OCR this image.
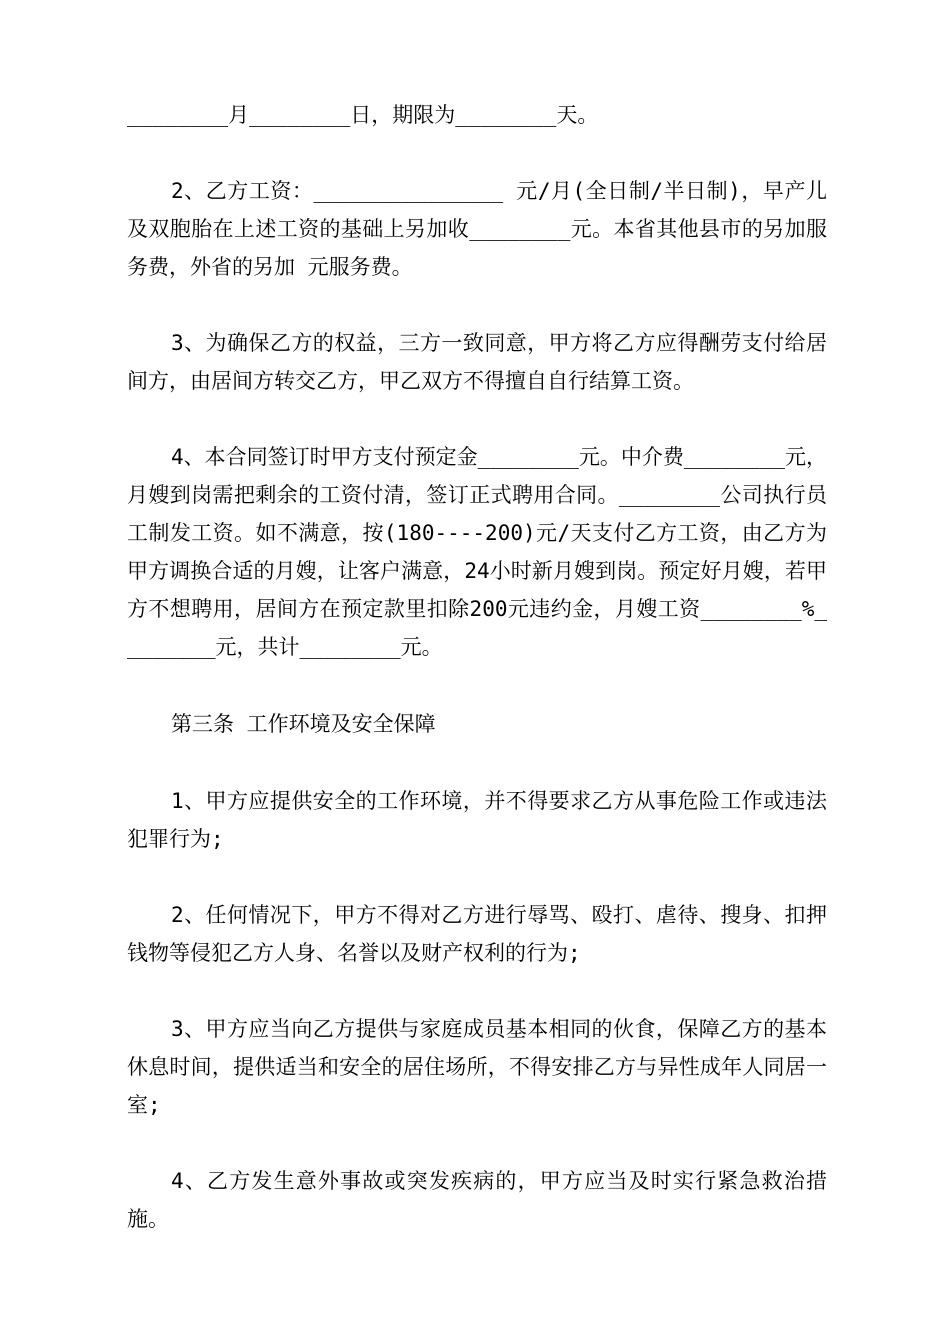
________月________日，期限为________天。

2、乙方工资：_______________ 元/月(全日制/半日制)，早产儿及双胞胎在上述工资的基础上另加收________元。本省其他县市的另加服务费，外省的另加 元服务费。

3、为确保乙方的权益，三方一致同意，甲方将乙方应得酬劳支付给居间方，由居间方转交乙方，甲乙双方不得擅自自行结算工资。

4、本合同签订时甲方支付预定金________元。中介费________元，月嫂到岗需把剩余的工资付清，签订正式聘用合同。________公司执行员工制发工资。如不满意，按(180----200)元/天支付乙方工资，由乙方为甲方调换合适的月嫂，让客户满意，24小时新月嫂到岗。预定好月嫂，若甲方不想聘用，居间方在预定款里扣除200元违约金，月嫂工资________%________元，共计________元。

第三条 工作环境及安全保障

1、甲方应提供安全的工作环境，并不得要求乙方从事危险工作或违法犯罪行为;

2、任何情况下，甲方不得对乙方进行辱骂、殴打、虐待、搜身、扣押钱物等侵犯乙方人身、名誉以及财产权利的行为;

3、甲方应当向乙方提供与家庭成员基本相同的伙食，保障乙方的基本休息时间，提供适当和安全的居住场所，不得安排乙方与异性成年人同居一室;

4、乙方发生意外事故或突发疾病的，甲方应当及时实行紧急救治措施。
